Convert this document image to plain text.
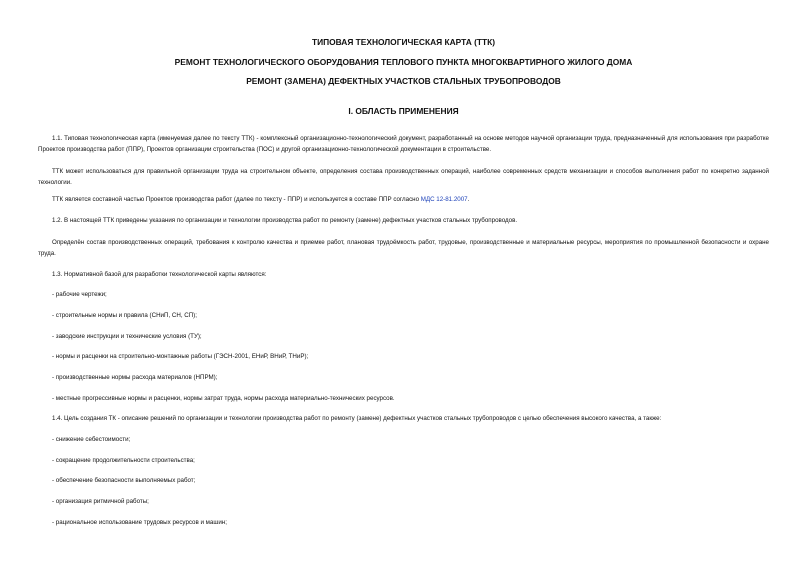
ТИПОВАЯ ТЕХНОЛОГИЧЕСКАЯ КАРТА (ТТК)
РЕМОНТ ТЕХНОЛОГИЧЕСКОГО ОБОРУДОВАНИЯ ТЕПЛОВОГО ПУНКТА МНОГОКВАРТИРНОГО ЖИЛОГО ДОМА
РЕМОНТ (ЗАМЕНА) ДЕФЕКТНЫХ УЧАСТКОВ СТАЛЬНЫХ ТРУБОПРОВОДОВ
I. ОБЛАСТЬ ПРИМЕНЕНИЯ
1.1. Типовая технологическая карта (именуемая далее по тексту ТТК) - комплексный организационно-технологический документ, разработанный на основе методов научной организации труда, предназначенный для использования при разработке Проектов производства работ (ППР), Проектов организации строительства (ПОС) и другой организационно-технологической документации в строительстве.
ТТК может использоваться для правильной организации труда на строительном объекте, определения состава производственных операций, наиболее современных средств механизации и способов выполнения работ по конкретно заданной технологии.
ТТК является составной частью Проектов производства работ (далее по тексту - ППР) и используется в составе ППР согласно МДС 12-81.2007.
1.2. В настоящей ТТК приведены указания по организации и технологии производства работ по ремонту (замене) дефектных участков стальных трубопроводов.
Определён состав производственных операций, требования к контролю качества и приемке работ, плановая трудоёмкость работ, трудовые, производственные и материальные ресурсы, мероприятия по промышленной безопасности и охране труда.
1.3. Нормативной базой для разработки технологической карты являются:
- рабочие чертежи;
- строительные нормы и правила (СНиП, СН, СП);
- заводские инструкции и технические условия (ТУ);
- нормы и расценки на строительно-монтажные работы (ГЭСН-2001, ЕНиР, ВНиР, ТНиР);
- производственные нормы расхода материалов (НПРМ);
- местные прогрессивные нормы и расценки, нормы затрат труда, нормы расхода материально-технических ресурсов.
1.4. Цель создания ТК - описание решений по организации и технологии производства работ по ремонту (замене) дефектных участков стальных трубопроводов с целью обеспечения высокого качества, а также:
- снижение себестоимости;
- сокращение продолжительности строительства;
- обеспечение безопасности выполняемых работ;
- организация ритмичной работы;
- рациональное использование трудовых ресурсов и машин;
